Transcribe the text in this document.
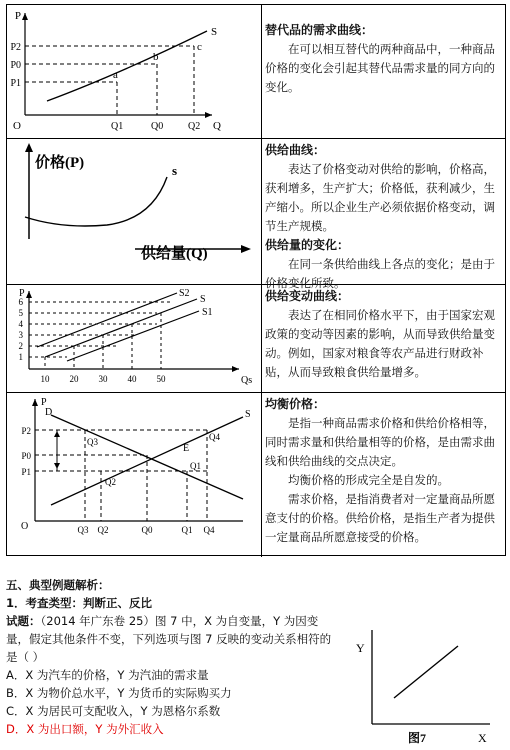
P
Q
O
S
P2
P0
P1
Q1	Q0 Q2
a
b
c
替代品的需求曲线：

在可以相互替代的两种商品中，一种商品价格的变化会引起其替代品需求量的同方向的变化。

价格(P)
供给量(Q)
s
供给曲线：

表达了价格变动对供给的影响，价格高，获利增多，生产扩大；价格低，获利减少，生产缩小。所以企业生产必须依据价格变动，调节生产规模。

供给量的变化：

在同一条供给曲线上各点的变化；是由于价格变化所致。

P
Qs
6
5
4
3
2
1
10 20 30 40 50
S2
S
S1
供给变动曲线：

表达了在相同价格水平下，由于国家宏观政策的变动等因素的影响，从而导致供给量变动。例如，国家对粮食等农产品进行财政补贴，从而导致粮食供给量增多。

P
O
D	S
E
P2
P0
P1
Q3 Q2	Q0	Q1 Q4
Q3	Q4
Q2
Q1
均衡价格：

是指一种商品需求价格和供给价格相等，同时需求量和供给量相等的价格，是由需求曲线和供给曲线的交点决定。

均衡价格的形成完全是自发的。

需求价格，是指消费者对一定量商品所愿意支付的价格。供给价格，是指生产者为提供一定量商品所愿意接受的价格。

五、典型例题解析：
1．考查类型：判断正、反比
试题：（2014 年广东卷 25）图 7 中，X 为自变量，Y 为因变量，假定其他条件不变，下列选项与图 7 反映的变动关系相符的是（ ）

A．X 为汽车的价格，Y 为汽油的需求量

B．X 为物价总水平，Y 为货币的实际购买力

C．X 为居民可支配收入，Y 为恩格尔系数

D．X 为出口额，Y 为外汇收入

Y
X
图7
